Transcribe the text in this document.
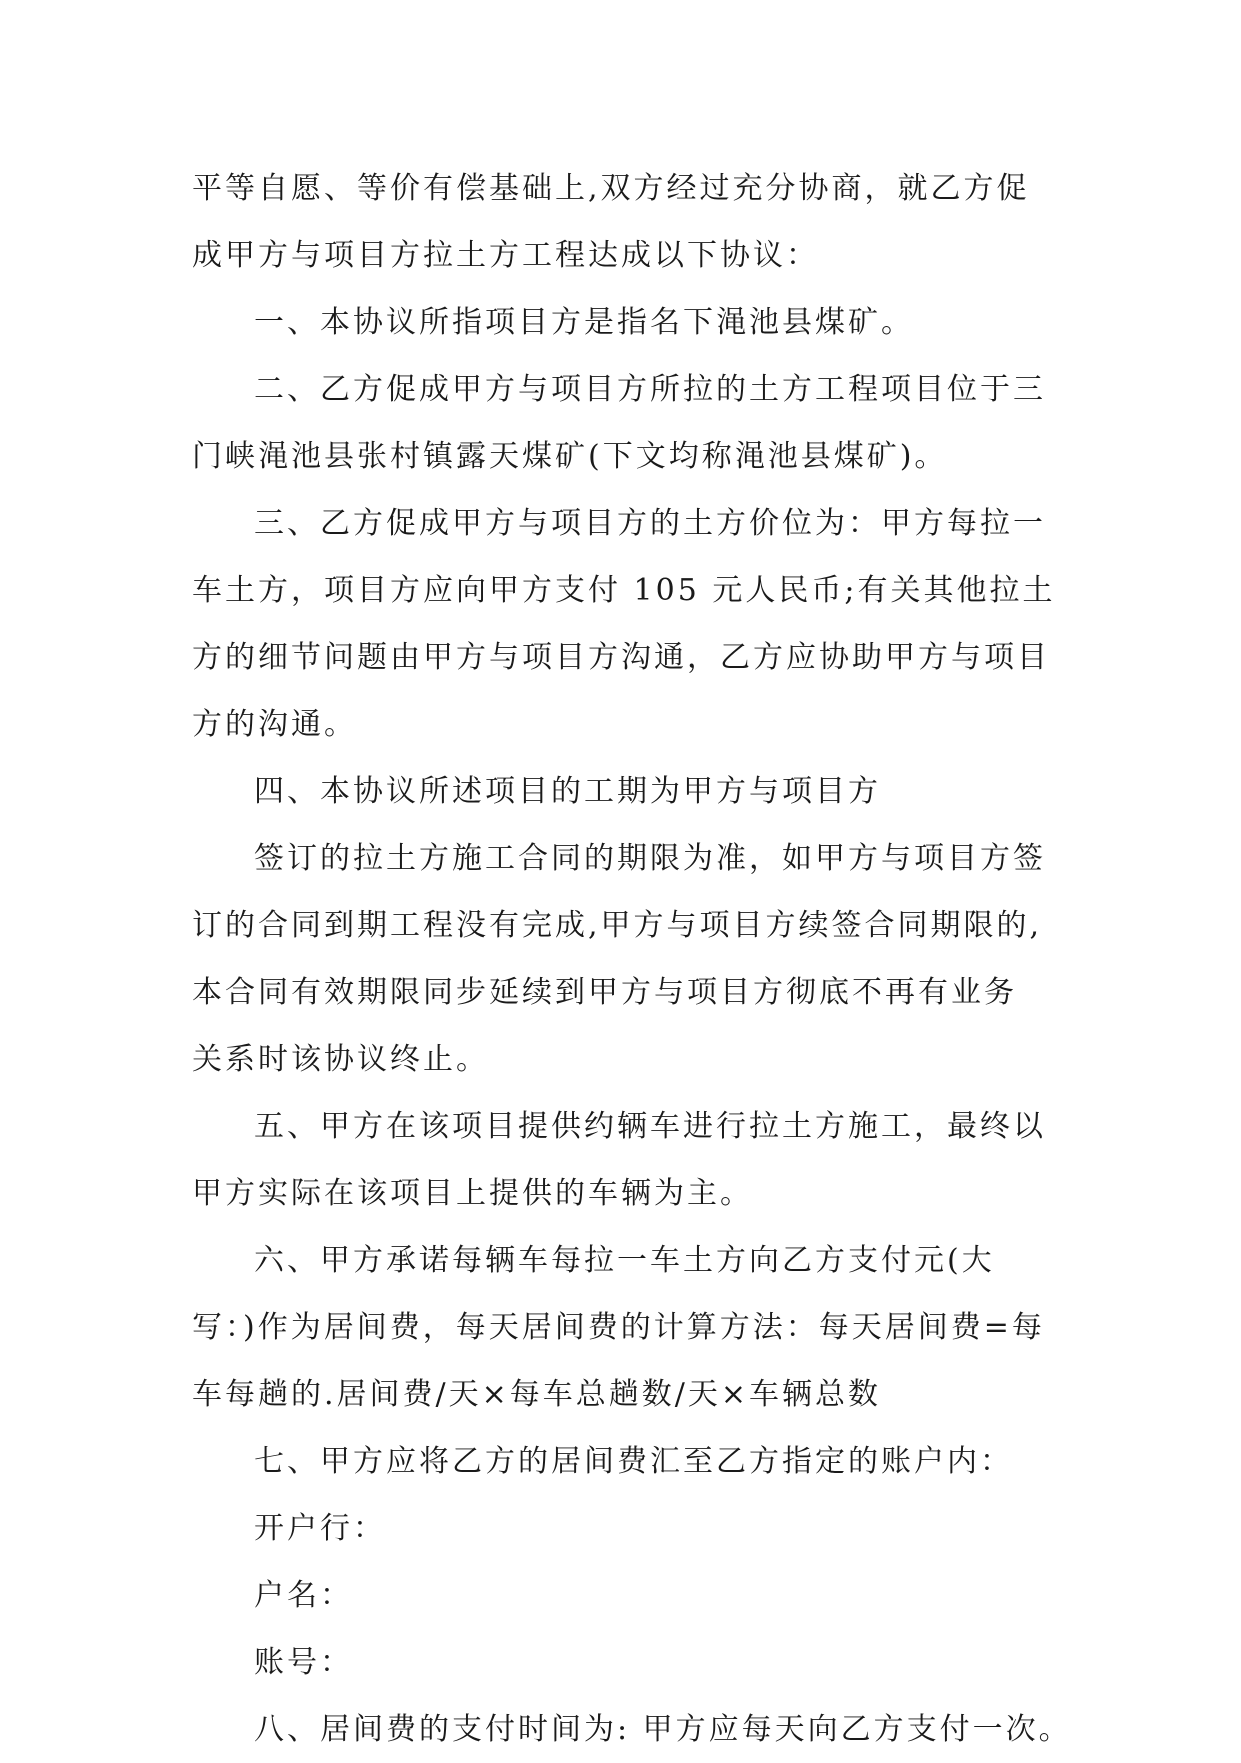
平等自愿、等价有偿基础上,双方经过充分协商，就乙方促
成甲方与项目方拉土方工程达成以下协议：
一、本协议所指项目方是指名下渑池县煤矿。
二、乙方促成甲方与项目方所拉的土方工程项目位于三
门峡渑池县张村镇露天煤矿(下文均称渑池县煤矿)。
三、乙方促成甲方与项目方的土方价位为：甲方每拉一
车土方，项目方应向甲方支付 105 元人民币;有关其他拉土
方的细节问题由甲方与项目方沟通，乙方应协助甲方与项目
方的沟通。
四、本协议所述项目的工期为甲方与项目方
签订的拉土方施工合同的期限为准，如甲方与项目方签
订的合同到期工程没有完成,甲方与项目方续签合同期限的,
本合同有效期限同步延续到甲方与项目方彻底不再有业务
关系时该协议终止。
五、甲方在该项目提供约辆车进行拉土方施工，最终以
甲方实际在该项目上提供的车辆为主。
六、甲方承诺每辆车每拉一车土方向乙方支付元(大
写：)作为居间费，每天居间费的计算方法：每天居间费=每
车每趟的.居间费/天×每车总趟数/天×车辆总数
七、甲方应将乙方的居间费汇至乙方指定的账户内：
开户行：
户名：
账号：
八、居间费的支付时间为: 甲方应每天向乙方支付一次。
